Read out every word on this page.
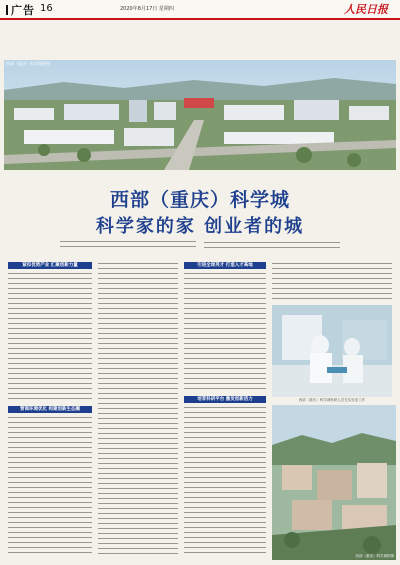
广告 16	2020年8月17日 星期四	人民日报
西部（重庆）科学城供图
西部（重庆）科学城
科学家的家 创业者的城
紧扣优势产业 汇聚创新力量
营商环境优化 构建创新生态圈
引进全球英才 打造人才高地
培育科研平台 激发创新活力	西部（重庆）科学城科研人员在实验室工作
西部（重庆）科学城供图
